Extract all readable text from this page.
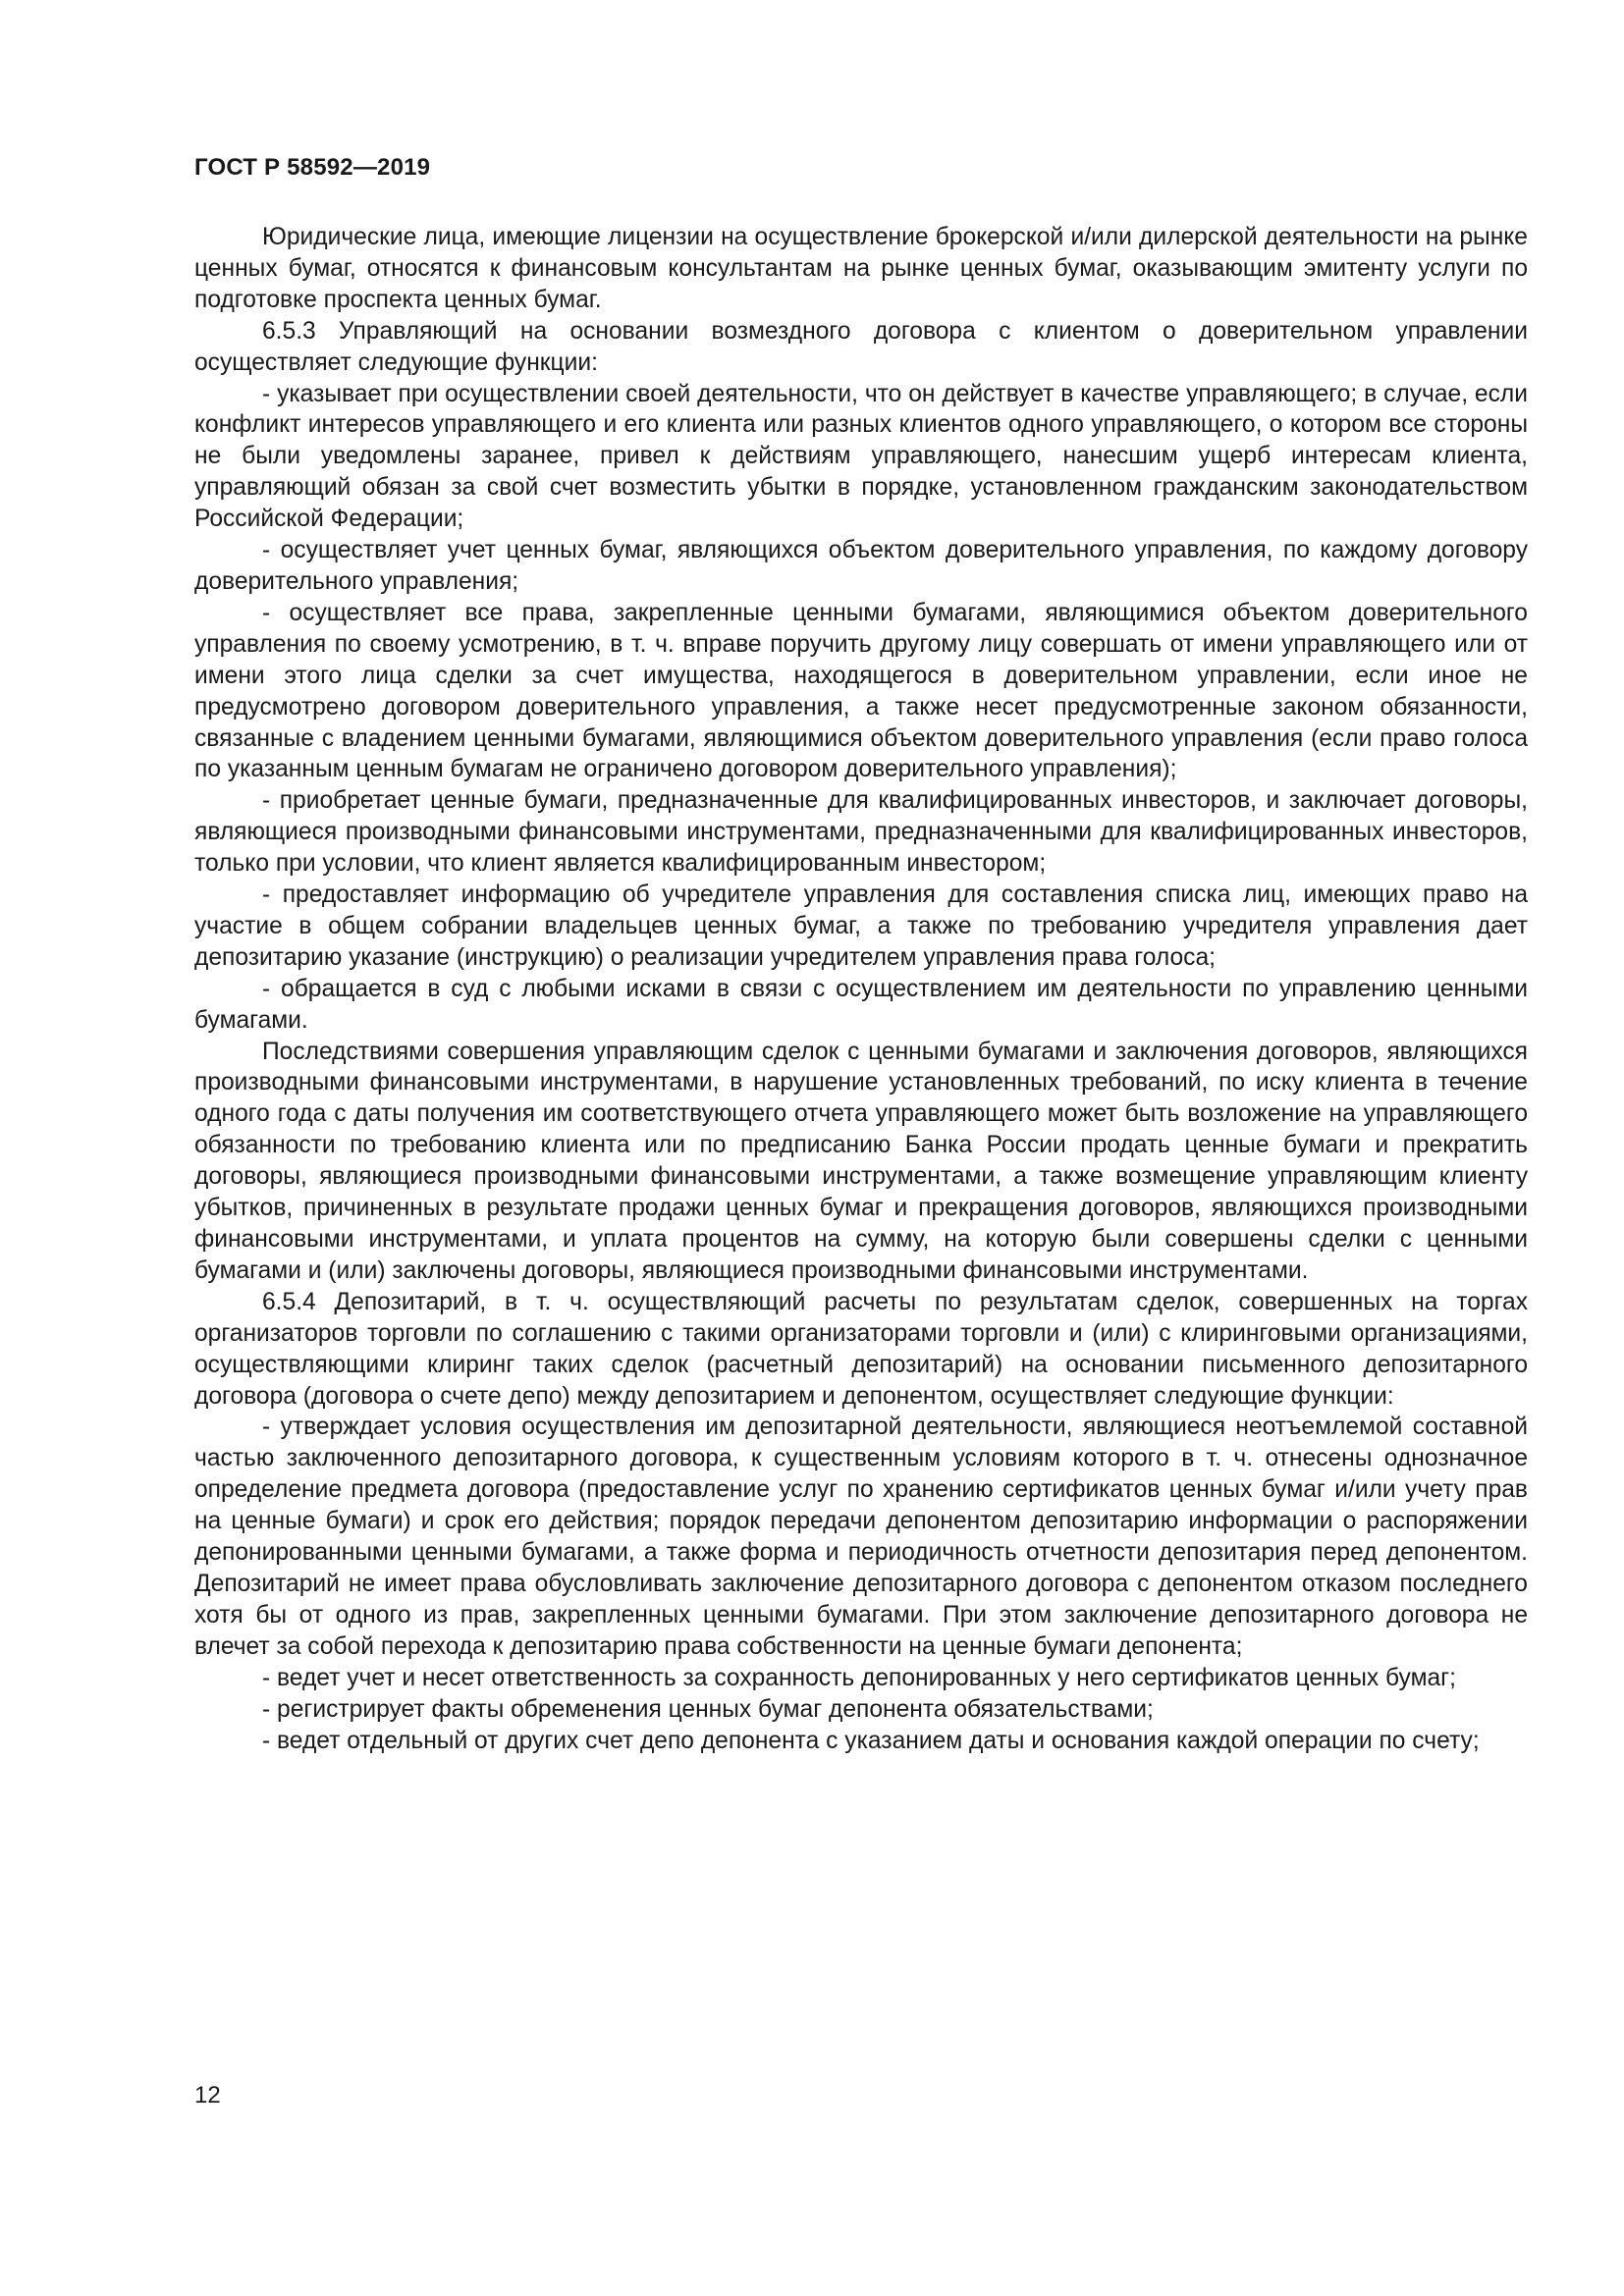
ГОСТ Р 58592—2019

Юридические лица, имеющие лицензии на осуществление брокерской и/или дилерской деятельности на рынке ценных бумаг, относятся к финансовым консультантам на рынке ценных бумаг, оказывающим эмитенту услуги по подготовке проспекта ценных бумаг.

6.5.3 Управляющий на основании возмездного договора с клиентом о доверительном управлении осуществляет следующие функции:

- указывает при осуществлении своей деятельности, что он действует в качестве управляющего; в случае, если конфликт интересов управляющего и его клиента или разных клиентов одного управляющего, о котором все стороны не были уведомлены заранее, привел к действиям управляющего, нанесшим ущерб интересам клиента, управляющий обязан за свой счет возместить убытки в порядке, установленном гражданским законодательством Российской Федерации;

- осуществляет учет ценных бумаг, являющихся объектом доверительного управления, по каждому договору доверительного управления;

- осуществляет все права, закрепленные ценными бумагами, являющимися объектом доверительного управления по своему усмотрению, в т. ч. вправе поручить другому лицу совершать от имени управляющего или от имени этого лица сделки за счет имущества, находящегося в доверительном управлении, если иное не предусмотрено договором доверительного управления, а также несет предусмотренные законом обязанности, связанные с владением ценными бумагами, являющимися объектом доверительного управления (если право голоса по указанным ценным бумагам не ограничено договором доверительного управления);

- приобретает ценные бумаги, предназначенные для квалифицированных инвесторов, и заключает договоры, являющиеся производными финансовыми инструментами, предназначенными для квалифицированных инвесторов, только при условии, что клиент является квалифицированным инвестором;

- предоставляет информацию об учредителе управления для составления списка лиц, имеющих право на участие в общем собрании владельцев ценных бумаг, а также по требованию учредителя управления дает депозитарию указание (инструкцию) о реализации учредителем управления права голоса;

- обращается в суд с любыми исками в связи с осуществлением им деятельности по управлению ценными бумагами.

Последствиями совершения управляющим сделок с ценными бумагами и заключения договоров, являющихся производными финансовыми инструментами, в нарушение установленных требований, по иску клиента в течение одного года с даты получения им соответствующего отчета управляющего может быть возложение на управляющего обязанности по требованию клиента или по предписанию Банка России продать ценные бумаги и прекратить договоры, являющиеся производными финансовыми инструментами, а также возмещение управляющим клиенту убытков, причиненных в результате продажи ценных бумаг и прекращения договоров, являющихся производными финансовыми инструментами, и уплата процентов на сумму, на которую были совершены сделки с ценными бумагами и (или) заключены договоры, являющиеся производными финансовыми инструментами.

6.5.4 Депозитарий, в т. ч. осуществляющий расчеты по результатам сделок, совершенных на торгах организаторов торговли по соглашению с такими организаторами торговли и (или) с клиринговыми организациями, осуществляющими клиринг таких сделок (расчетный депозитарий) на основании письменного депозитарного договора (договора о счете депо) между депозитарием и депонентом, осуществляет следующие функции:

- утверждает условия осуществления им депозитарной деятельности, являющиеся неотъемлемой составной частью заключенного депозитарного договора, к существенным условиям которого в т. ч. отнесены однозначное определение предмета договора (предоставление услуг по хранению сертификатов ценных бумаг и/или учету прав на ценные бумаги) и срок его действия; порядок передачи депонентом депозитарию информации о распоряжении депонированными ценными бумагами, а также форма и периодичность отчетности депозитария перед депонентом. Депозитарий не имеет права обусловливать заключение депозитарного договора с депонентом отказом последнего хотя бы от одного из прав, закрепленных ценными бумагами. При этом заключение депозитарного договора не влечет за собой перехода к депозитарию права собственности на ценные бумаги депонента;

- ведет учет и несет ответственность за сохранность депонированных у него сертификатов ценных бумаг;

- регистрирует факты обременения ценных бумаг депонента обязательствами;

- ведет отдельный от других счет депо депонента с указанием даты и основания каждой операции по счету;

12
